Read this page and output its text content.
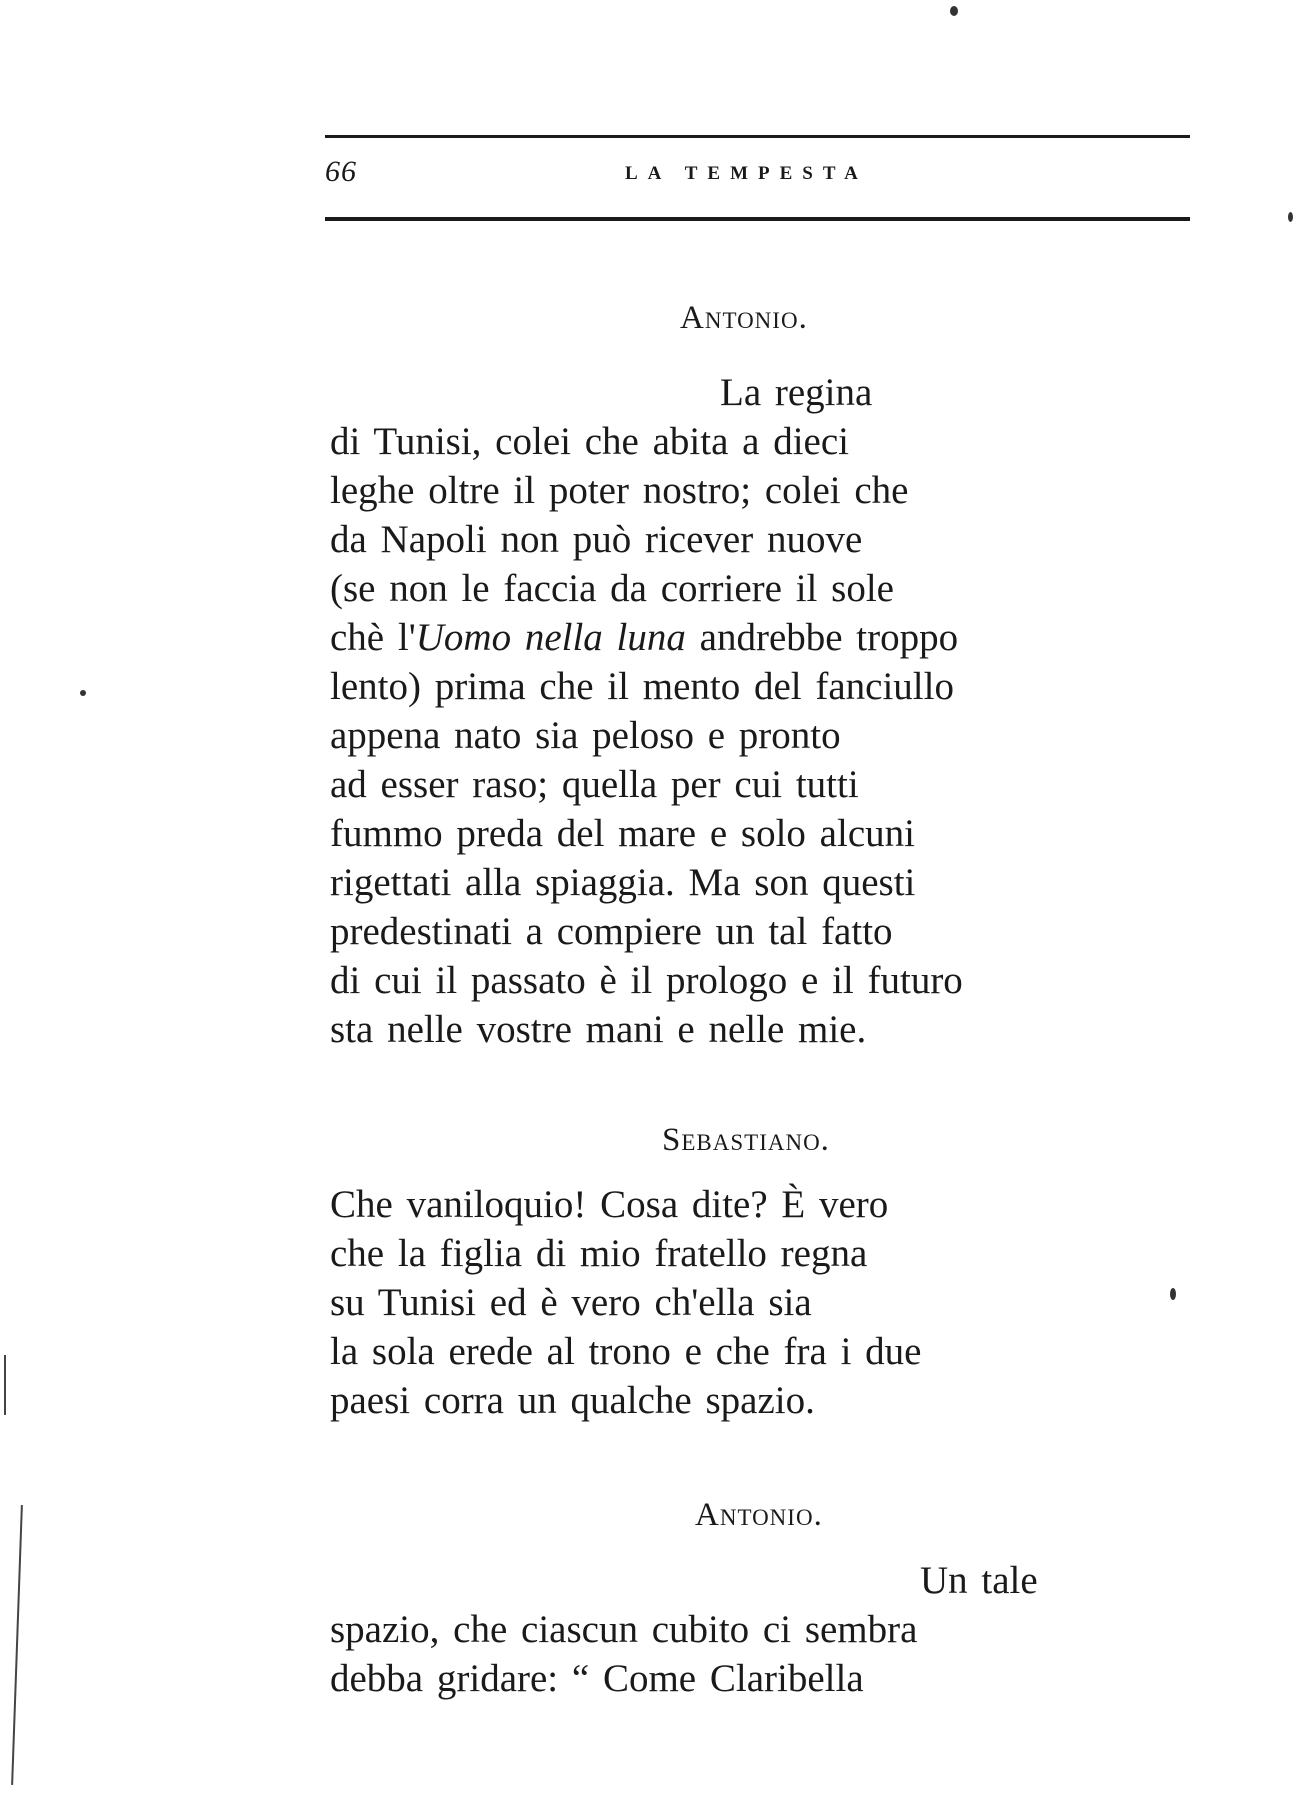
66	LA TEMPESTA
Antonio.
La regina
di Tunisi, colei che abita a dieci
leghe oltre il poter nostro; colei che
da Napoli non può ricever nuove
(se non le faccia da corriere il sole
chè l'Uomo nella luna andrebbe troppo
lento) prima che il mento del fanciullo
appena nato sia peloso e pronto
ad esser raso; quella per cui tutti
fummo preda del mare e solo alcuni
rigettati alla spiaggia. Ma son questi
predestinati a compiere un tal fatto
di cui il passato è il prologo e il futuro
sta nelle vostre mani e nelle mie.
Sebastiano.
Che vaniloquio! Cosa dite? È vero
che la figlia di mio fratello regna
su Tunisi ed è vero ch'ella sia
la sola erede al trono e che fra i due
paesi corra un qualche spazio.
Antonio.
Un tale
spazio, che ciascun cubito ci sembra
debba gridare: “ Come Claribella
